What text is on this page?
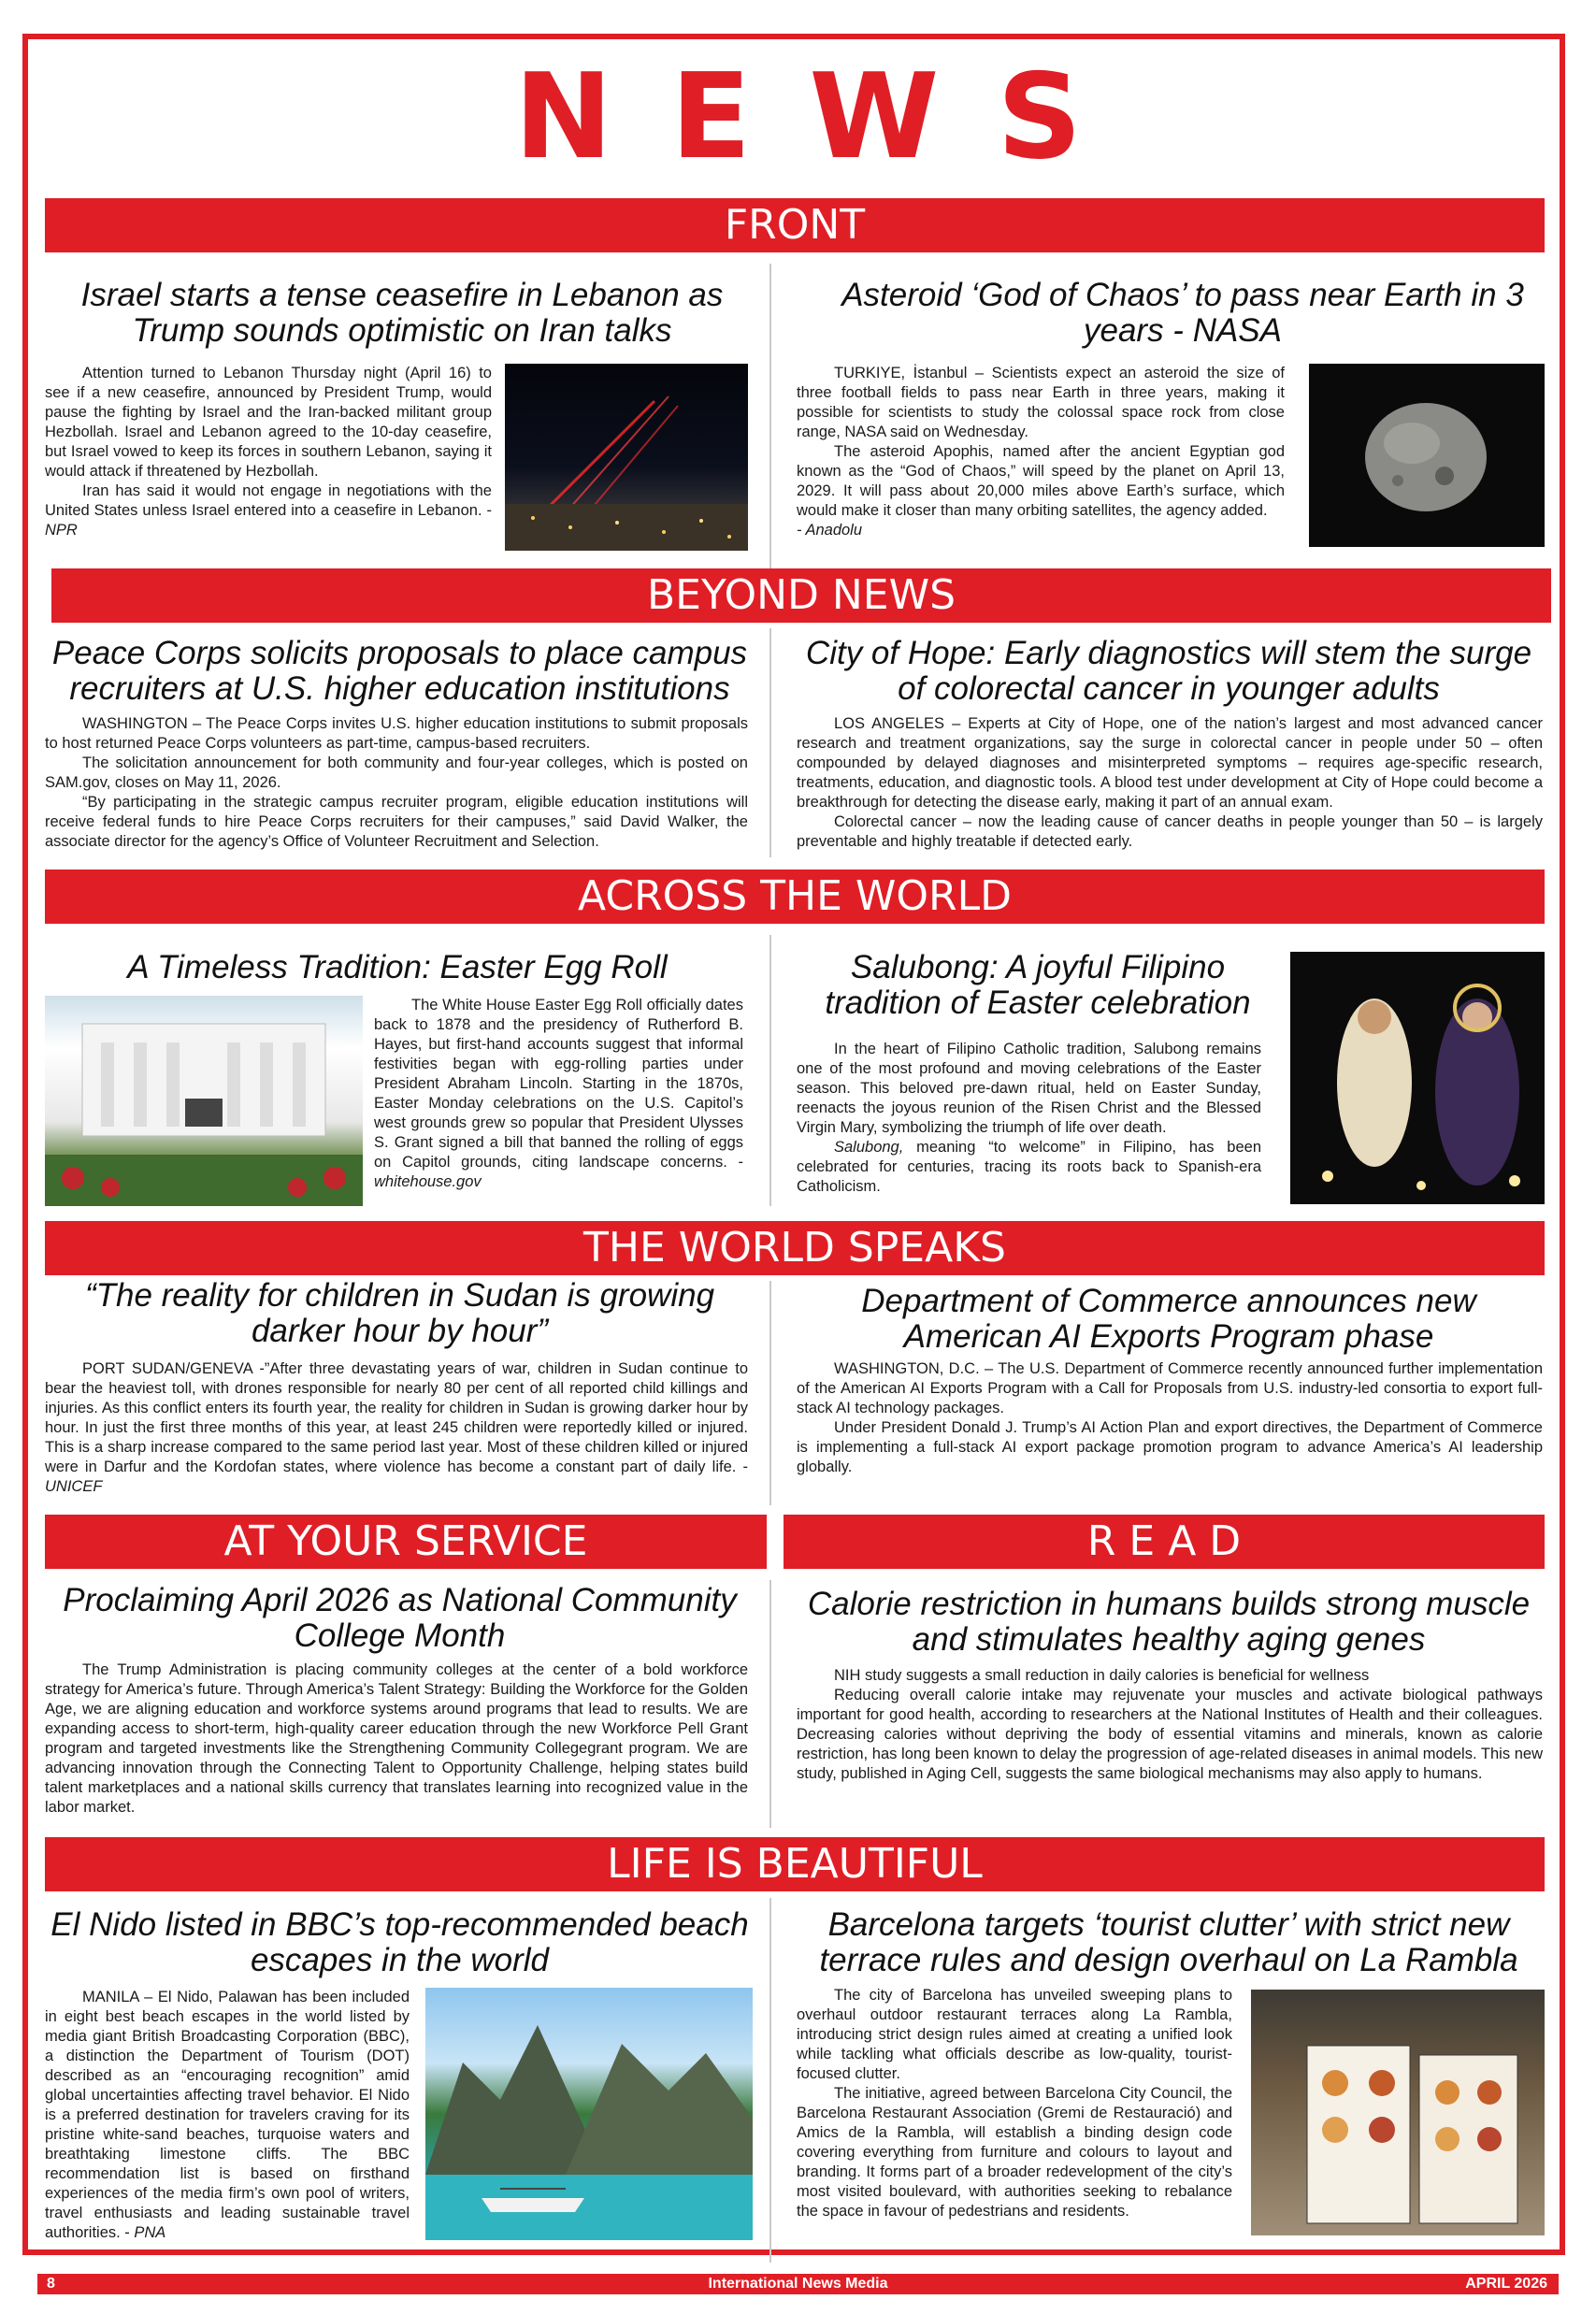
NEWS
FRONT
Israel starts a tense ceasefire in Lebanon as Trump sounds optimistic on Iran talks

Attention turned to Lebanon Thursday night (April 16) to see if a new ceasefire, announced by President Trump, would pause the fighting by Israel and the Iran-backed militant group Hezbollah. Israel and Lebanon agreed to the 10-day ceasefire, but Israel vowed to keep its forces in southern Lebanon, saying it would attack if threatened by Hezbollah.

Iran has said it would not engage in negotiations with the United States unless Israel entered into a ceasefire in Lebanon. - NPR

Asteroid ‘God of Chaos’ to pass near Earth in 3 years - NASA

TURKIYE, İstanbul – Scientists expect an asteroid the size of three football fields to pass near Earth in three years, making it possible for scientists to study the colossal space rock from close range, NASA said on Wednesday.

The asteroid Apophis, named after the ancient Egyptian god known as the “God of Chaos,” will speed by the planet on April 13, 2029. It will pass about 20,000 miles above Earth’s surface, which would make it closer than many orbiting satellites, the agency added.

- Anadolu

BEYOND NEWS
Peace Corps solicits proposals to place campus recruiters at U.S. higher education institutions

WASHINGTON – The Peace Corps invites U.S. higher education institutions to submit proposals to host returned Peace Corps volunteers as part-time, campus-based recruiters.

The solicitation announcement for both community and four-year colleges, which is posted on SAM.gov, closes on May 11, 2026.

“By participating in the strategic campus recruiter program, eligible education institutions will receive federal funds to hire Peace Corps recruiters for their campuses,” said David Walker, the associate director for the agency’s Office of Volunteer Recruitment and Selection.

City of Hope: Early diagnostics will stem the surge of colorectal cancer in younger adults

LOS ANGELES – Experts at City of Hope, one of the nation’s largest and most advanced cancer research and treatment organizations, say the surge in colorectal cancer in people under 50 – often compounded by delayed diagnoses and misinterpreted symptoms – requires age-specific research, treatments, education, and diagnostic tools. A blood test under development at City of Hope could become a breakthrough for detecting the disease early, making it part of an annual exam.

Colorectal cancer – now the leading cause of cancer deaths in people younger than 50 – is largely preventable and highly treatable if detected early.

ACROSS THE WORLD
A Timeless Tradition: Easter Egg Roll

The White House Easter Egg Roll officially dates back to 1878 and the presidency of Rutherford B. Hayes, but first-hand accounts suggest that informal festivities began with egg-rolling parties under President Abraham Lincoln. Starting in the 1870s, Easter Monday celebrations on the U.S. Capitol’s west grounds grew so popular that President Ulysses S. Grant signed a bill that banned the rolling of eggs on Capitol grounds, citing landscape concerns. -whitehouse.gov

Salubong: A joyful Filipino tradition of Easter celebration

In the heart of Filipino Catholic tradition, Salubong remains one of the most profound and moving celebrations of the Easter season. This beloved pre-dawn ritual, held on Easter Sunday, reenacts the joyous reunion of the Risen Christ and the Blessed Virgin Mary, symbolizing the triumph of life over death.

Salubong, meaning “to welcome” in Filipino, has been celebrated for centuries, tracing its roots back to Spanish-era Catholicism.

THE WORLD SPEAKS
“The reality for children in Sudan is growing darker hour by hour”

PORT SUDAN/GENEVA -”After three devastating years of war, children in Sudan continue to bear the heaviest toll, with drones responsible for nearly 80 per cent of all reported child killings and injuries. As this conflict enters its fourth year, the reality for children in Sudan is growing darker hour by hour. In just the first three months of this year, at least 245 children were reportedly killed or injured. This is a sharp increase compared to the same period last year. Most of these children killed or injured were in Darfur and the Kordofan states, where violence has become a constant part of daily life. - UNICEF

Department of Commerce announces new American AI Exports Program phase

WASHINGTON, D.C. – The U.S. Department of Commerce recently announced further implementation of the American AI Exports Program with a Call for Proposals from U.S. industry-led consortia to export full-stack AI technology packages.

Under President Donald J. Trump’s AI Action Plan and export directives, the Department of Commerce is implementing a full-stack AI export package promotion program to advance America’s AI leadership globally.

AT YOUR SERVICE	R E A D
Proclaiming April 2026 as National Community College Month

The Trump Administration is placing community colleges at the center of a bold workforce strategy for America’s future. Through America’s Talent Strategy: Building the Workforce for the Golden Age, we are aligning education and workforce systems around programs that lead to results. We are expanding access to short-term, high-quality career education through the new Workforce Pell Grant program and targeted investments like the Strengthening Community Collegegrant program. We are advancing innovation through the Connecting Talent to Opportunity Challenge, helping states build talent marketplaces and a national skills currency that translates learning into recognized value in the labor market.

Calorie restriction in humans builds strong muscle and stimulates healthy aging genes

NIH study suggests a small reduction in daily calories is beneficial for wellness

Reducing overall calorie intake may rejuvenate your muscles and activate biological pathways important for good health, according to researchers at the National Institutes of Health and their colleagues. Decreasing calories without depriving the body of essential vitamins and minerals, known as calorie restriction, has long been known to delay the progression of age-related diseases in animal models. This new study, published in Aging Cell, suggests the same biological mechanisms may also apply to humans.

LIFE IS BEAUTIFUL
El Nido listed in BBC’s top-recommended beach escapes in the world

MANILA – El Nido, Palawan has been included in eight best beach escapes in the world listed by media giant British Broadcasting Corporation (BBC), a distinction the Department of Tourism (DOT) described as an “encouraging recognition” amid global uncertainties affecting travel behavior. El Nido is a preferred destination for travelers craving for its pristine white-sand beaches, turquoise waters and breathtaking limestone cliffs. The BBC recommendation list is based on firsthand experiences of the media firm’s own pool of writers, travel enthusiasts and leading sustainable travel authorities. - PNA

Barcelona targets ‘tourist clutter’ with strict new terrace rules and design overhaul on La Rambla

The city of Barcelona has unveiled sweeping plans to overhaul outdoor restaurant terraces along La Rambla, introducing strict design rules aimed at creating a unified look while tackling what officials describe as low-quality, tourist-focused clutter.

The initiative, agreed between Barcelona City Council, the Barcelona Restaurant Association (Gremi de Restauració) and Amics de la Rambla, will establish a binding design code covering everything from furniture and colours to layout and branding. It forms part of a broader redevelopment of the city’s most visited boulevard, with authorities seeking to rebalance the space in favour of pedestrians and residents.

8	International News Media	APRIL 2026
